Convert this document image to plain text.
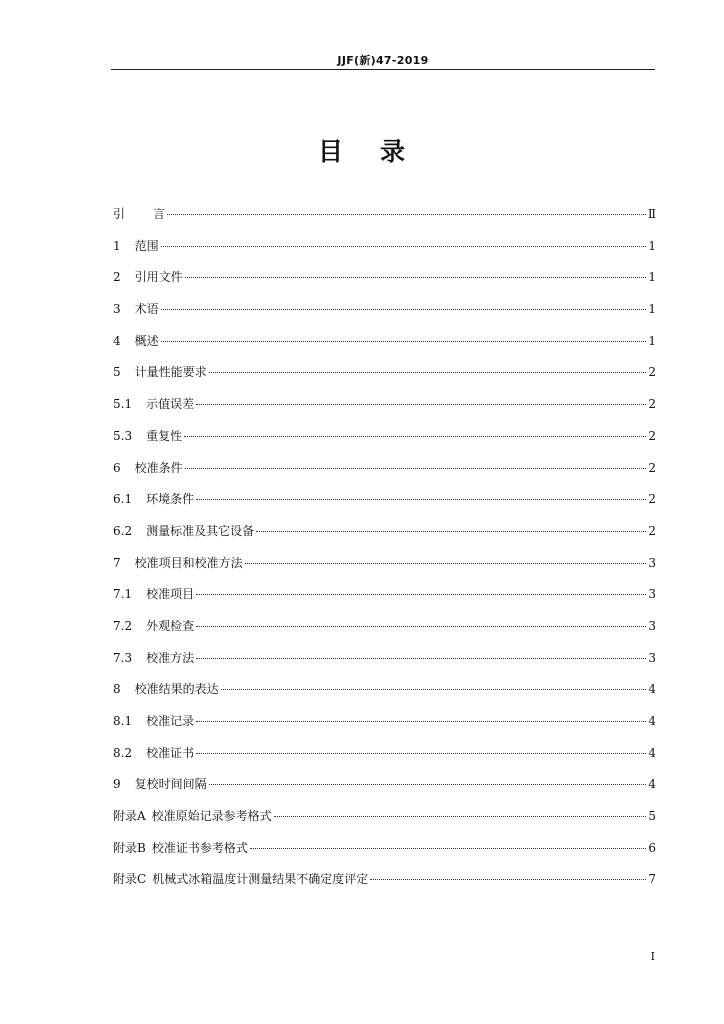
JJF(新)47-2019
目 录
引 言	Ⅱ
1 范围	1
2 引用文件	1
3 术语	1
4 概述	1
5 计量性能要求	2
5.1 示值误差	2
5.3 重复性	2
6 校准条件	2
6.1 环境条件	2
6.2 测量标准及其它设备	2
7 校准项目和校准方法	3
7.1 校准项目	3
7.2 外观检查	3
7.3 校准方法	3
8 校准结果的表达	4
8.1 校准记录	4
8.2 校准证书	4
9 复校时间间隔	4
附录A 校准原始记录参考格式	5
附录B 校准证书参考格式	6
附录C 机械式冰箱温度计测量结果不确定度评定	7
I
